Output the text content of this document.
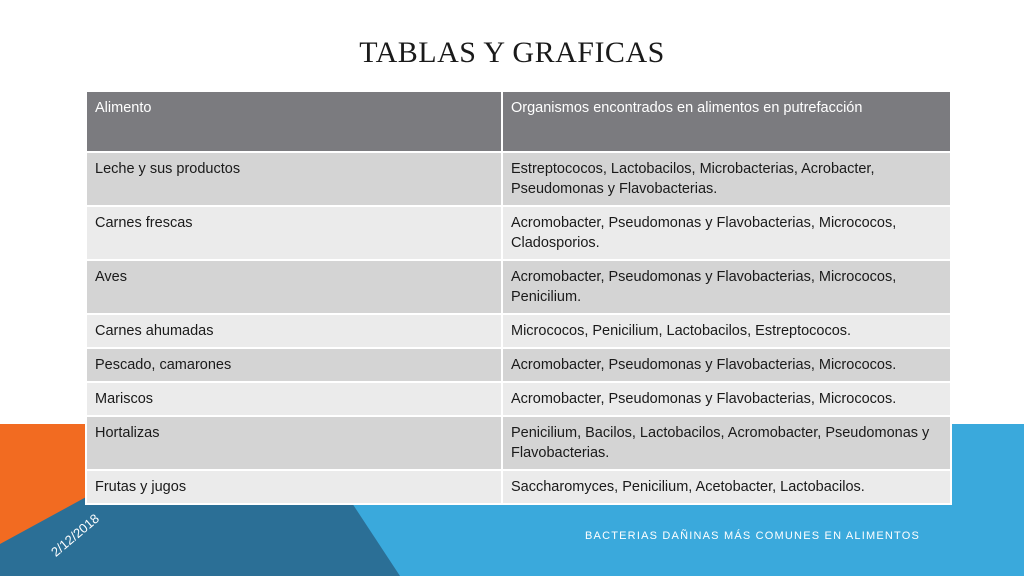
TABLAS Y GRAFICAS
2/12/2018	BACTERIAS DAÑINAS MÁS COMUNES EN ALIMENTOS
Alimento	Organismos encontrados en alimentos en putrefacción
Leche y sus productos	Estreptococos, Lactobacilos, Microbacterias, Acrobacter, Pseudomonas y Flavobacterias.
Carnes frescas	Acromobacter, Pseudomonas y Flavobacterias, Micrococos, Cladosporios.
Aves	Acromobacter, Pseudomonas y Flavobacterias, Micrococos, Penicilium.
Carnes ahumadas	Micrococos, Penicilium, Lactobacilos, Estreptococos.
Pescado, camarones	Acromobacter, Pseudomonas y Flavobacterias, Micrococos.
Mariscos	Acromobacter, Pseudomonas y Flavobacterias, Micrococos.
Hortalizas	Penicilium, Bacilos, Lactobacilos, Acromobacter, Pseudomonas y Flavobacterias.
Frutas y jugos	Saccharomyces, Penicilium, Acetobacter, Lactobacilos.
